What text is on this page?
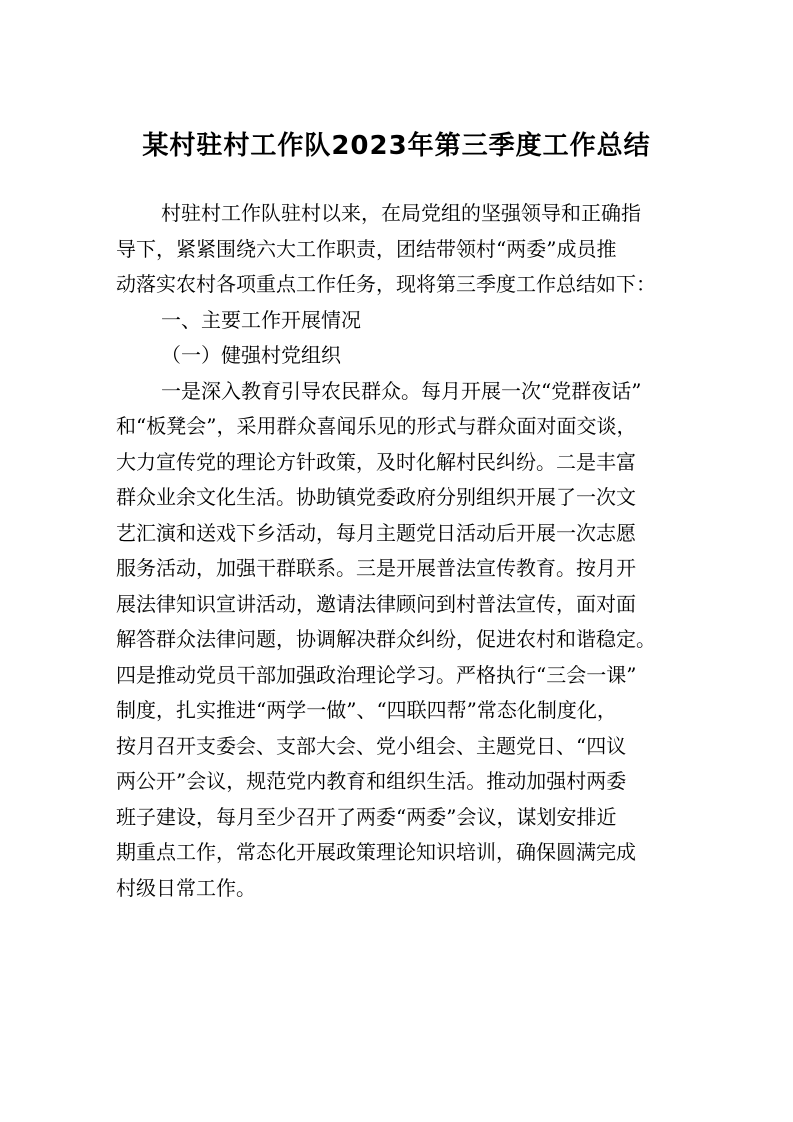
某村驻村工作队2023年第三季度工作总结
村驻村工作队驻村以来，在局党组的坚强领导和正确指
导下，紧紧围绕六大工作职责，团结带领村“两委”成员推
动落实农村各项重点工作任务，现将第三季度工作总结如下：
一、主要工作开展情况
（一）健强村党组织
一是深入教育引导农民群众。每月开展一次“党群夜话”
和“板凳会”，采用群众喜闻乐见的形式与群众面对面交谈，
大力宣传党的理论方针政策，及时化解村民纠纷。二是丰富
群众业余文化生活。协助镇党委政府分别组织开展了一次文
艺汇演和送戏下乡活动，每月主题党日活动后开展一次志愿
服务活动，加强干群联系。三是开展普法宣传教育。按月开
展法律知识宣讲活动，邀请法律顾问到村普法宣传，面对面
解答群众法律问题，协调解决群众纠纷，促进农村和谐稳定。
四是推动党员干部加强政治理论学习。严格执行“三会一课”
制度，扎实推进“两学一做”、“四联四帮”常态化制度化，
按月召开支委会、支部大会、党小组会、主题党日、“四议
两公开”会议，规范党内教育和组织生活。推动加强村两委
班子建设，每月至少召开了两委“两委”会议，谋划安排近
期重点工作，常态化开展政策理论知识培训，确保圆满完成
村级日常工作。
